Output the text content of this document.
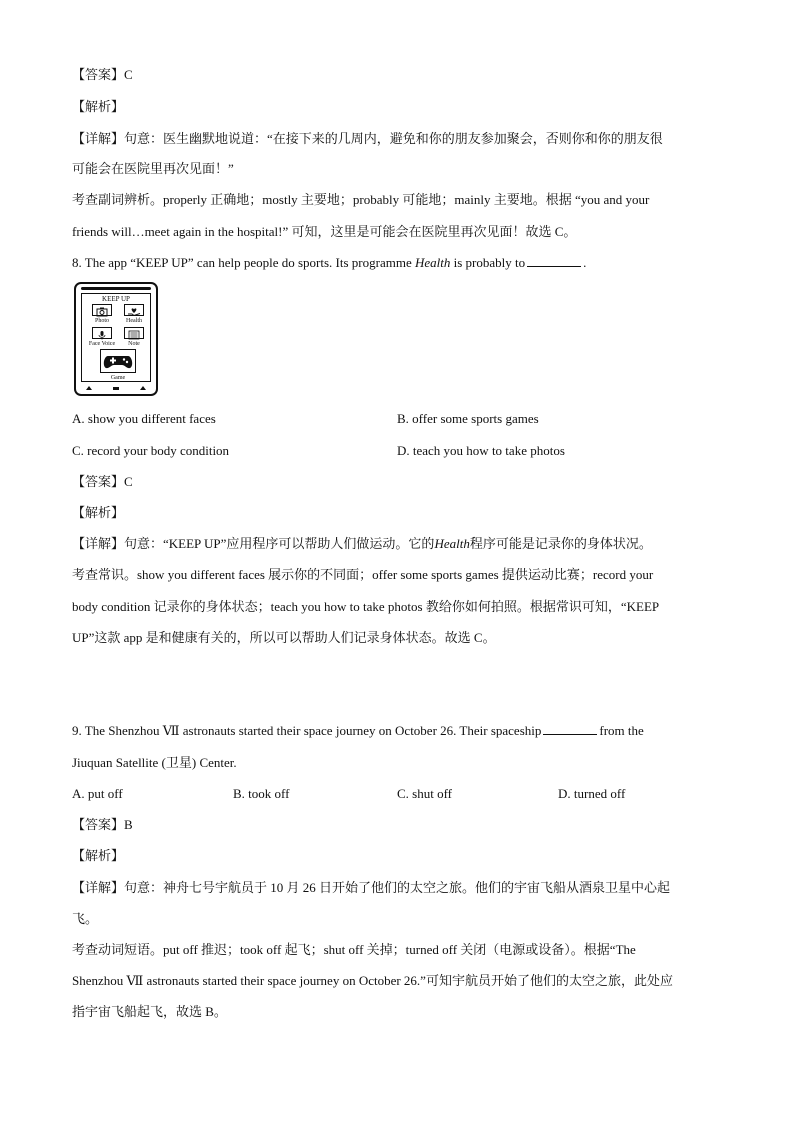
【答案】C
【解析】
【详解】句意：医生幽默地说道：“在接下来的几周内，避免和你的朋友参加聚会，否则你和你的朋友很
可能会在医院里再次见面！”
考查副词辨析。properly 正确地；mostly 主要地；probably 可能地；mainly 主要地。根据 “you and your
friends will…meet again in the hospital!” 可知，这里是可能会在医院里再次见面！故选 C。
8. The app “KEEP UP” can help people do sports. Its programme Health is probably to	.
KEEP UP
Photo	Health
Face Voice	Note
Game
A. show you different faces	B. offer some sports games
C. record your body condition	D. teach you how to take photos
【答案】C
【解析】
【详解】句意：“KEEP UP”应用程序可以帮助人们做运动。它的Health程序可能是记录你的身体状况。
考查常识。show you different faces 展示你的不同面；offer some sports games 提供运动比赛；record your
body condition 记录你的身体状态；teach you how to take photos 教给你如何拍照。根据常识可知，“KEEP
UP”这款 app 是和健康有关的，所以可以帮助人们记录身体状态。故选 C。
9. The Shenzhou Ⅶ astronauts started their space journey on October 26. Their spaceship	from the
Jiuquan Satellite (卫星) Center.
A. put off	B. took off	C. shut off	D. turned off
【答案】B
【解析】
【详解】句意：神舟七号宇航员于 10 月 26 日开始了他们的太空之旅。他们的宇宙飞船从酒泉卫星中心起
飞。
考查动词短语。put off 推迟；took off 起飞；shut off 关掉；turned off 关闭（电源或设备）。根据“The
Shenzhou Ⅶ astronauts started their space journey on October 26.”可知宇航员开始了他们的太空之旅，此处应
指宇宙飞船起飞，故选 B。
